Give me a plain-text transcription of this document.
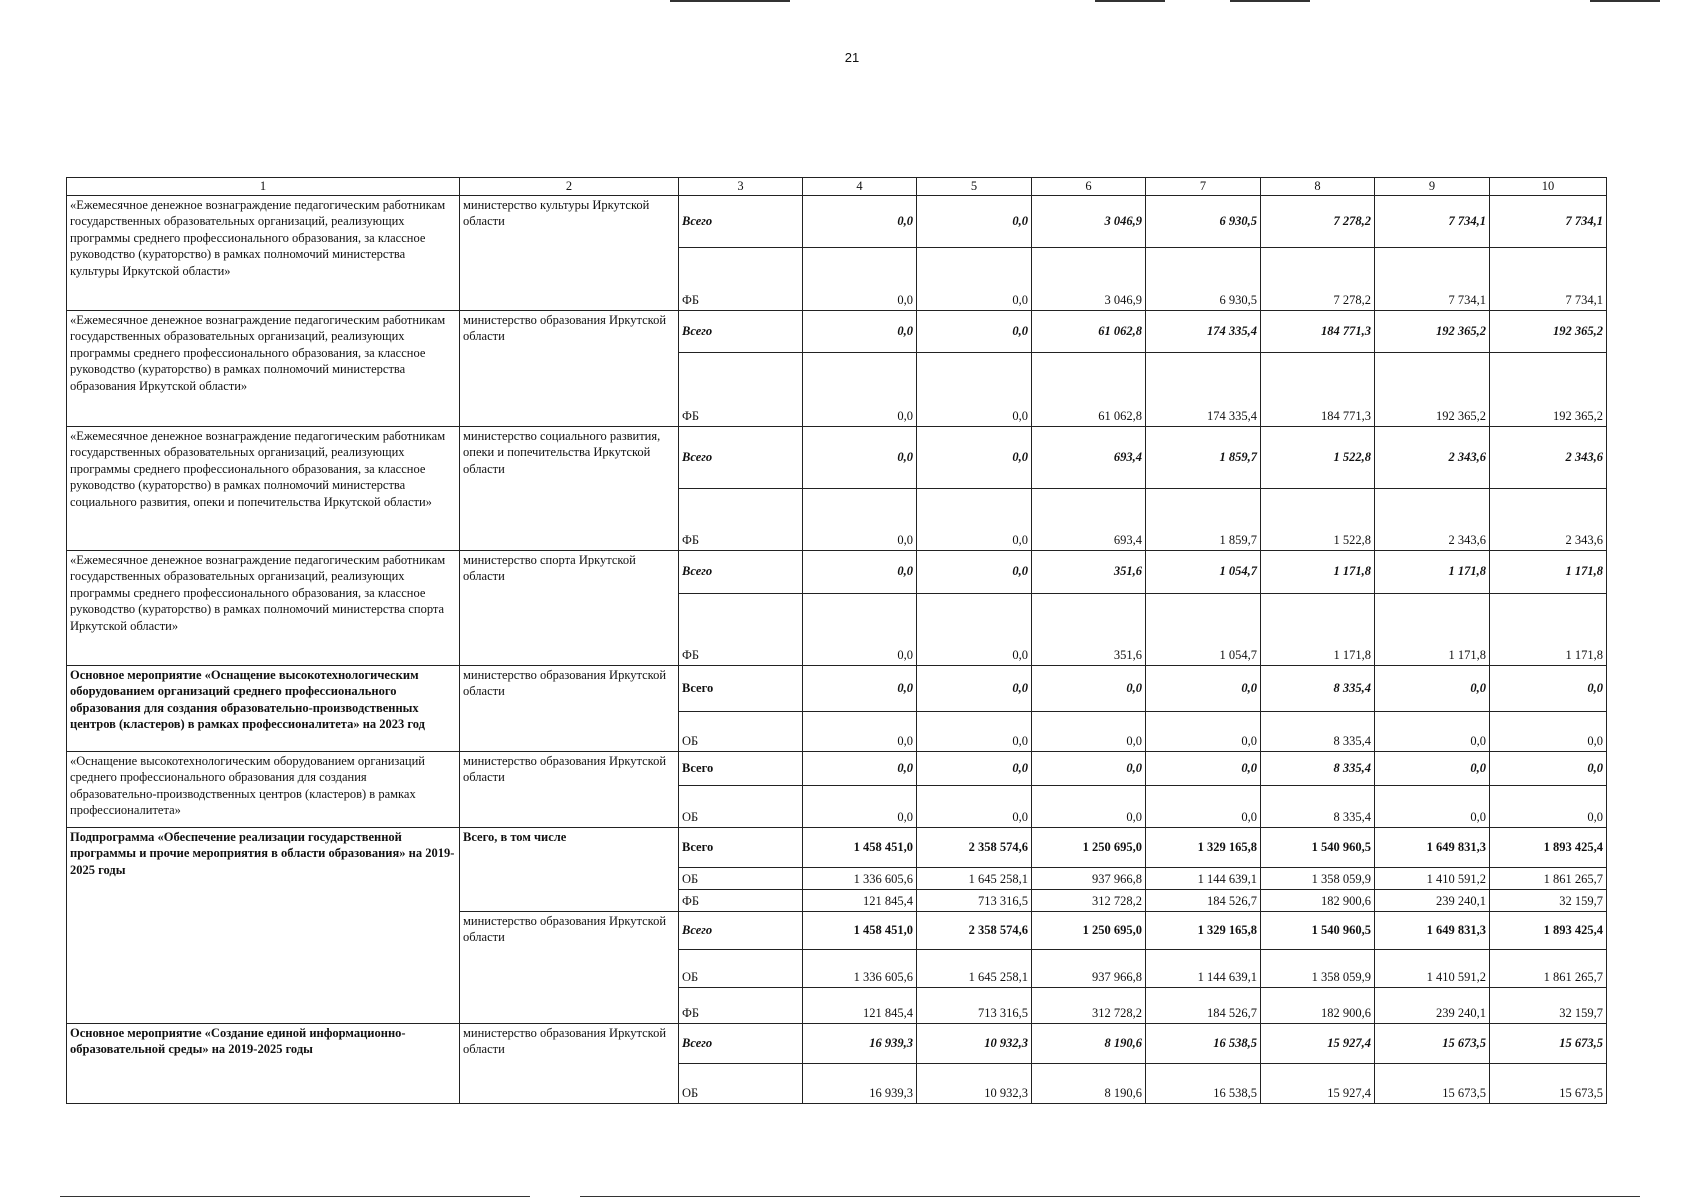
21
1	2	3	4	5	6	7	8	9	10
«Ежемесячное денежное вознаграждение педагогическим работникам государственных образовательных организаций, реализующих программы среднего профессионального образования, за классное руководство (кураторство) в рамках полномочий министерства культуры Иркутской области»	министерство культуры Иркутской области	Всего	0,0	0,0	3 046,9	6 930,5	7 278,2	7 734,1	7 734,1
		ФБ	0,0	0,0	3 046,9	6 930,5	7 278,2	7 734,1	7 734,1
«Ежемесячное денежное вознаграждение педагогическим работникам государственных образовательных организаций, реализующих программы среднего профессионального образования, за классное руководство (кураторство) в рамках полномочий министерства образования Иркутской области»	министерство образования Иркутской области	Всего	0,0	0,0	61 062,8	174 335,4	184 771,3	192 365,2	192 365,2
		ФБ	0,0	0,0	61 062,8	174 335,4	184 771,3	192 365,2	192 365,2
«Ежемесячное денежное вознаграждение педагогическим работникам государственных образовательных организаций, реализующих программы среднего профессионального образования, за классное руководство (кураторство) в рамках полномочий министерства социального развития, опеки и попечительства Иркутской области»	министерство социального развития, опеки и попечительства Иркутской области	Всего	0,0	0,0	693,4	1 859,7	1 522,8	2 343,6	2 343,6
		ФБ	0,0	0,0	693,4	1 859,7	1 522,8	2 343,6	2 343,6
«Ежемесячное денежное вознаграждение педагогическим работникам государственных образовательных организаций, реализующих программы среднего профессионального образования, за классное руководство (кураторство) в рамках полномочий министерства спорта Иркутской области»	министерство спорта Иркутской области	Всего	0,0	0,0	351,6	1 054,7	1 171,8	1 171,8	1 171,8
		ФБ	0,0	0,0	351,6	1 054,7	1 171,8	1 171,8	1 171,8
Основное мероприятие «Оснащение высокотехнологическим оборудованием организаций среднего профессионального образования для создания образовательно-производственных центров (кластеров) в рамках профессионалитета» на 2023 год	министерство образования Иркутской области	Всего	0,0	0,0	0,0	0,0	8 335,4	0,0	0,0
		ОБ	0,0	0,0	0,0	0,0	8 335,4	0,0	0,0
«Оснащение высокотехнологическим оборудованием организаций среднего профессионального образования для создания образовательно-производственных центров (кластеров) в рамках профессионалитета»	министерство образования Иркутской области	Всего	0,0	0,0	0,0	0,0	8 335,4	0,0	0,0
		ОБ	0,0	0,0	0,0	0,0	8 335,4	0,0	0,0
Подпрограмма «Обеспечение реализации государственной программы и прочие мероприятия в области образования» на 2019-2025 годы	Всего, в том числе	Всего	1 458 451,0	2 358 574,6	1 250 695,0	1 329 165,8	1 540 960,5	1 649 831,3	1 893 425,4
		ОБ	1 336 605,6	1 645 258,1	937 966,8	1 144 639,1	1 358 059,9	1 410 591,2	1 861 265,7
		ФБ	121 845,4	713 316,5	312 728,2	184 526,7	182 900,6	239 240,1	32 159,7
	министерство образования Иркутской области	Всего	1 458 451,0	2 358 574,6	1 250 695,0	1 329 165,8	1 540 960,5	1 649 831,3	1 893 425,4
		ОБ	1 336 605,6	1 645 258,1	937 966,8	1 144 639,1	1 358 059,9	1 410 591,2	1 861 265,7
		ФБ	121 845,4	713 316,5	312 728,2	184 526,7	182 900,6	239 240,1	32 159,7
Основное мероприятие «Создание единой информационно-образовательной среды» на 2019-2025 годы	министерство образования Иркутской области	Всего	16 939,3	10 932,3	8 190,6	16 538,5	15 927,4	15 673,5	15 673,5
		ОБ	16 939,3	10 932,3	8 190,6	16 538,5	15 927,4	15 673,5	15 673,5
